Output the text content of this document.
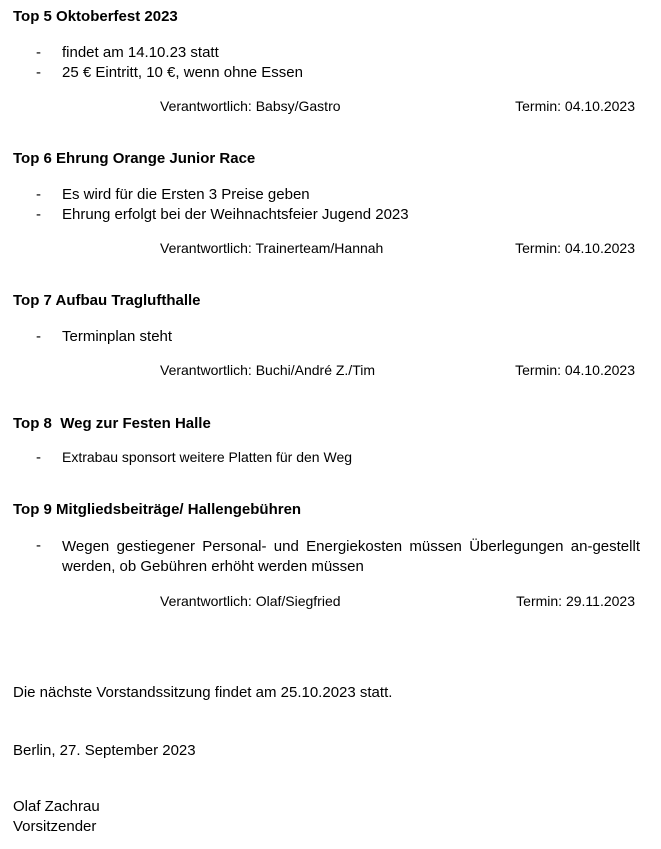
Top 5 Oktoberfest 2023
- findet am 14.10.23 statt
- 25 € Eintritt, 10 €, wenn ohne Essen
Verantwortlich: Babsy/Gastro	Termin: 04.10.2023
Top 6 Ehrung Orange Junior Race
- Es wird für die Ersten 3 Preise geben
- Ehrung erfolgt bei der Weihnachtsfeier Jugend 2023
Verantwortlich: Trainerteam/Hannah	Termin: 04.10.2023
Top 7 Aufbau Traglufthalle
- Terminplan steht
Verantwortlich: Buchi/André Z./Tim	Termin: 04.10.2023
Top 8  Weg zur Festen Halle
- Extrabau sponsort weitere Platten für den Weg
Top 9 Mitgliedsbeiträge/ Hallengebühren
- Wegen gestiegener Personal- und Energiekosten müssen Überlegungen an-gestellt werden, ob Gebühren erhöht werden müssen
Verantwortlich: Olaf/Siegfried	Termin: 29.11.2023
Die nächste Vorstandssitzung findet am 25.10.2023 statt.
Berlin, 27. September 2023
Olaf Zachrau
Vorsitzender
